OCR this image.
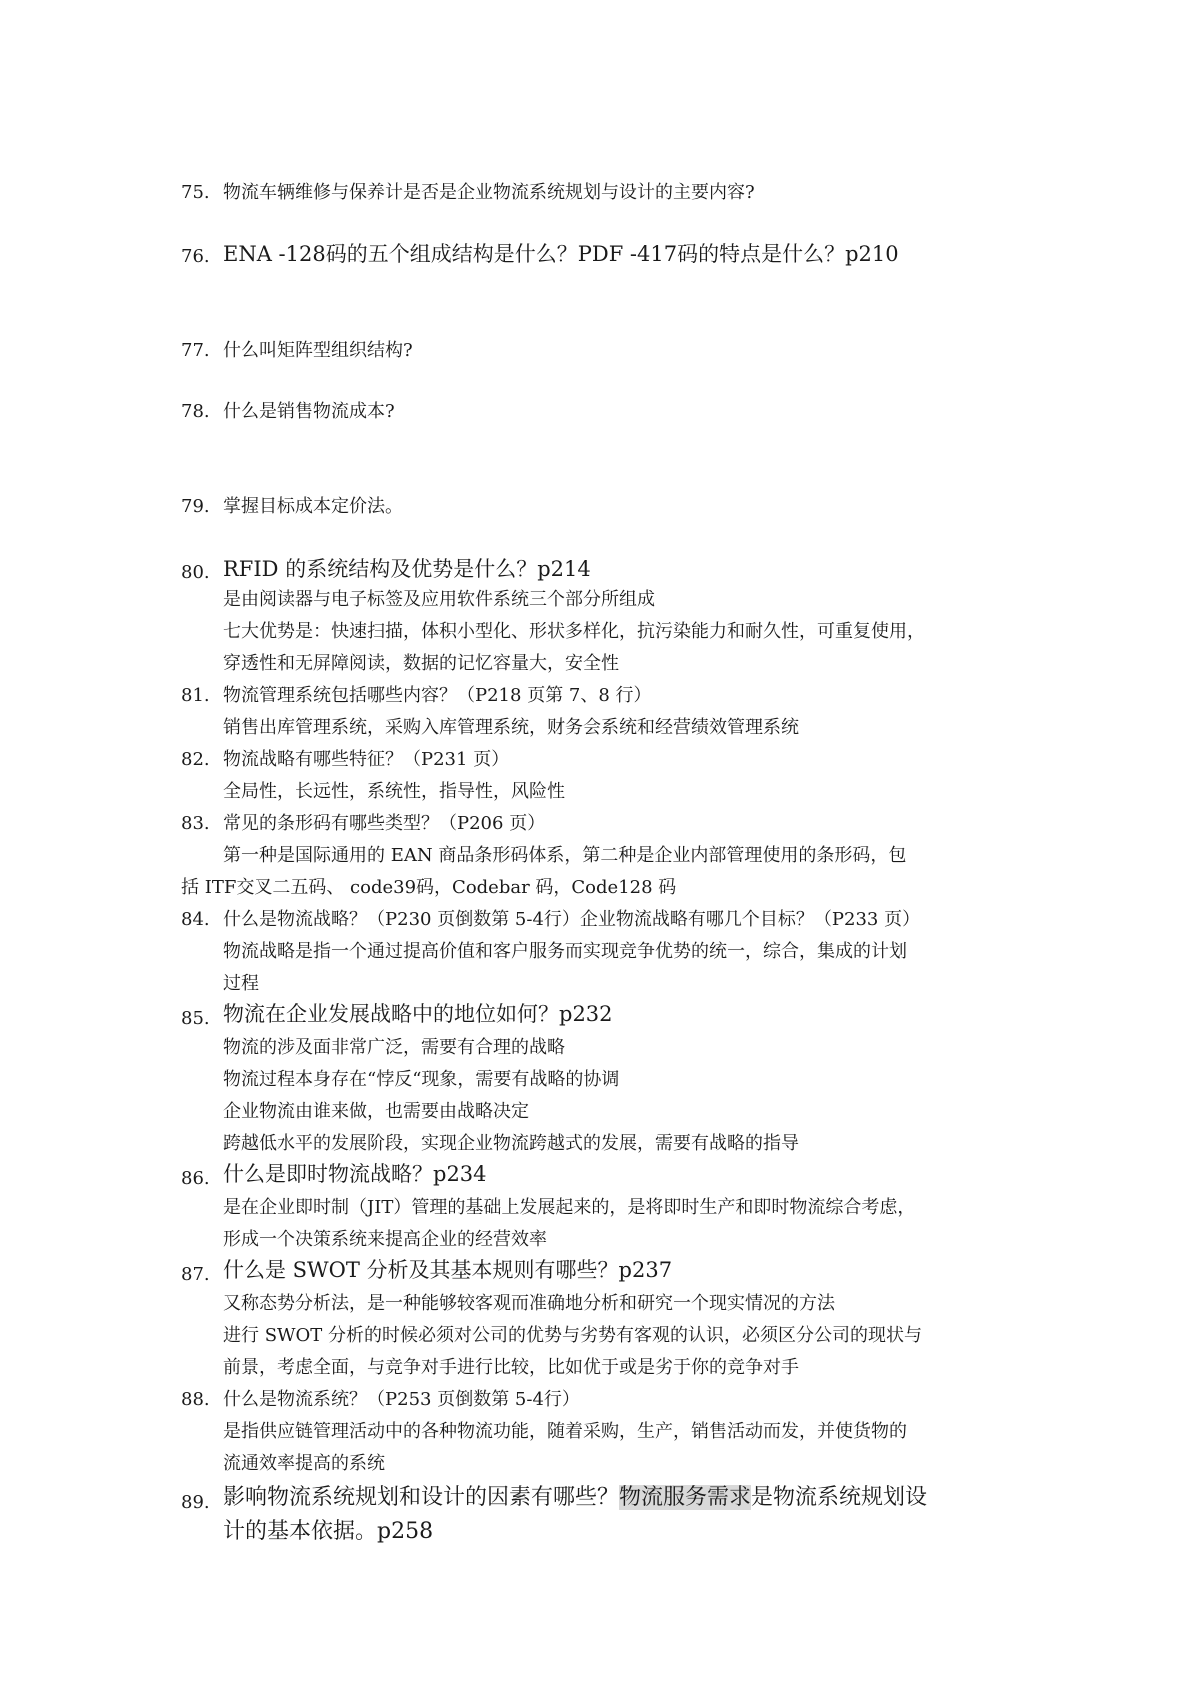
75. 物流车辆维修与保养计是否是企业物流系统规划与设计的主要内容?
76. ENA -128码的五个组成结构是什么？PDF -417码的特点是什么？p210
77. 什么叫矩阵型组织结构?
78. 什么是销售物流成本?
79. 掌握目标成本定价法。
80. RFID 的系统结构及优势是什么？p214
是由阅读器与电子标签及应用软件系统三个部分所组成
七大优势是：快速扫描，体积小型化、形状多样化，抗污染能力和耐久性，可重复使用，
穿透性和无屏障阅读，数据的记忆容量大，安全性
81. 物流管理系统包括哪些内容？（P218 页第 7、8 行）
销售出库管理系统，采购入库管理系统，财务会系统和经营绩效管理系统
82. 物流战略有哪些特征？（P231 页）
全局性，长远性，系统性，指导性，风险性
83. 常见的条形码有哪些类型？（P206 页）
第一种是国际通用的 EAN 商品条形码体系，第二种是企业内部管理使用的条形码，包
括 ITF交叉二五码、 code39码，Codebar 码，Code128 码
84. 什么是物流战略？（P230 页倒数第 5-4行）企业物流战略有哪几个目标？（P233 页）
物流战略是指一个通过提高价值和客户服务而实现竞争优势的统一，综合，集成的计划
过程
85. 物流在企业发展战略中的地位如何？p232
物流的涉及面非常广泛，需要有合理的战略
物流过程本身存在“悖反“现象，需要有战略的协调
企业物流由谁来做，也需要由战略决定
跨越低水平的发展阶段，实现企业物流跨越式的发展，需要有战略的指导
86. 什么是即时物流战略？p234
是在企业即时制（JIT）管理的基础上发展起来的，是将即时生产和即时物流综合考虑，
形成一个决策系统来提高企业的经营效率
87. 什么是 SWOT 分析及其基本规则有哪些？p237
又称态势分析法，是一种能够较客观而准确地分析和研究一个现实情况的方法
进行 SWOT 分析的时候必须对公司的优势与劣势有客观的认识，必须区分公司的现状与
前景，考虑全面，与竞争对手进行比较，比如优于或是劣于你的竞争对手
88. 什么是物流系统？（P253 页倒数第 5-4行）
是指供应链管理活动中的各种物流功能，随着采购，生产，销售活动而发，并使货物的
流通效率提高的系统
89. 影响物流系统规划和设计的因素有哪些？物流服务需求是物流系统规划设
计的基本依据。p258
